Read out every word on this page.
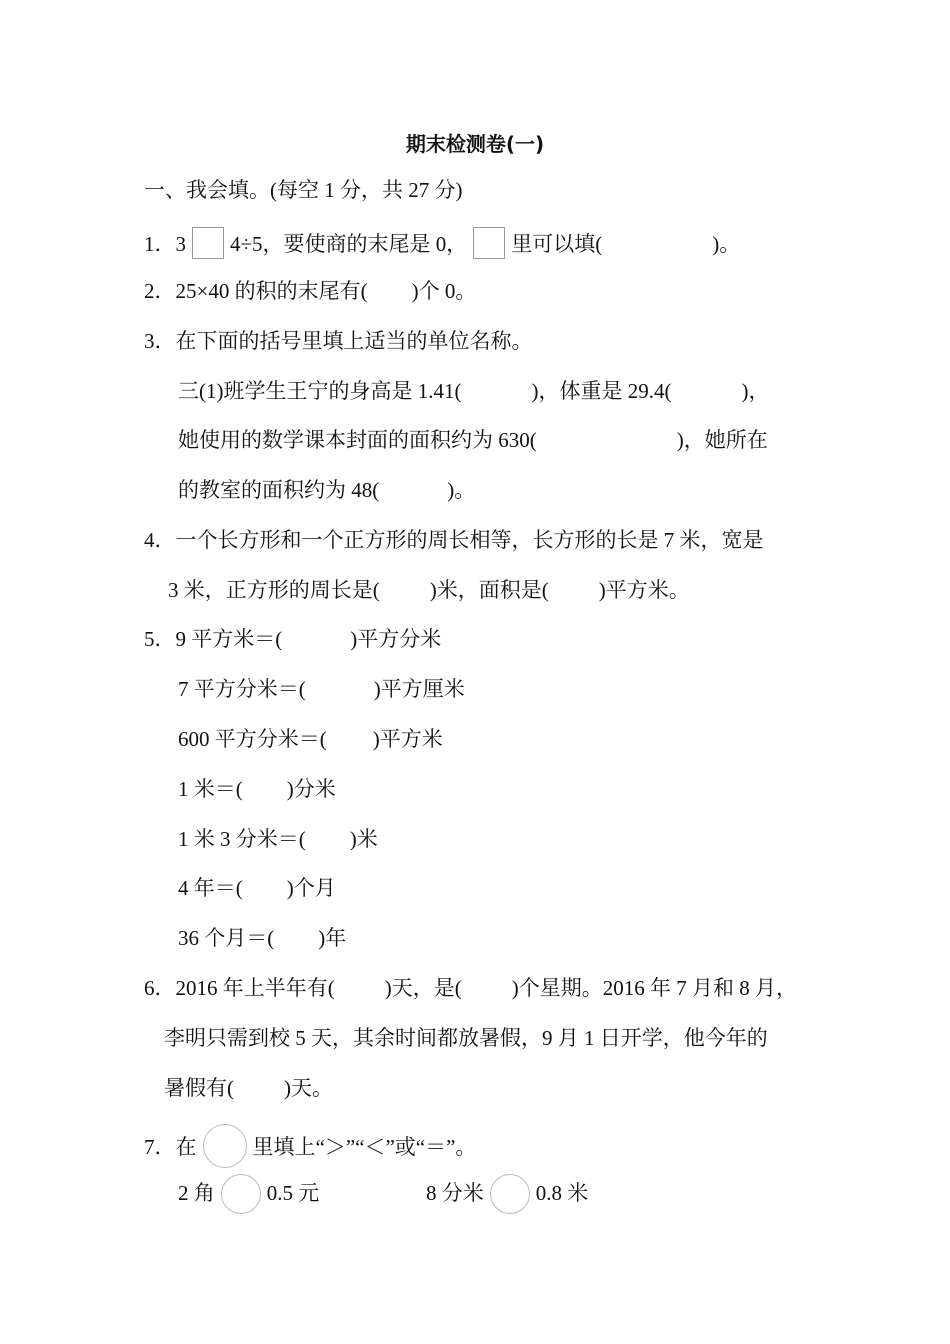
期末检测卷(一)
一、我会填。(每空 1 分，共 27 分)
1．3 4÷5，要使商的末尾是 0， 里可以填(	)。
2．25×40 的积的末尾有( )个 0。
3．在下面的括号里填上适当的单位名称。
三(1)班学生王宁的身高是 1.41(	)，体重是 29.4(	)，
她使用的数学课本封面的面积约为 630(	)，她所在
的教室的面积约为 48(	)。
4．一个长方形和一个正方形的周长相等，长方形的长是 7 米，宽是
3 米，正方形的周长是( )米，面积是( )平方米。
5．9 平方米＝(	)平方分米
7 平方分米＝(	)平方厘米
600 平方分米＝( )平方米
1 米＝( )分米
1 米 3 分米＝( )米
4 年＝( )个月
36 个月＝( )年
6．2016 年上半年有( )天，是( )个星期。2016 年 7 月和 8 月，
李明只需到校 5 天，其余时间都放暑假，9 月 1 日开学，他今年的
暑假有( )天。
7．在	里填上“＞”“＜”或“＝”。
2 角 0.5 元	8 分米 0.8 米
